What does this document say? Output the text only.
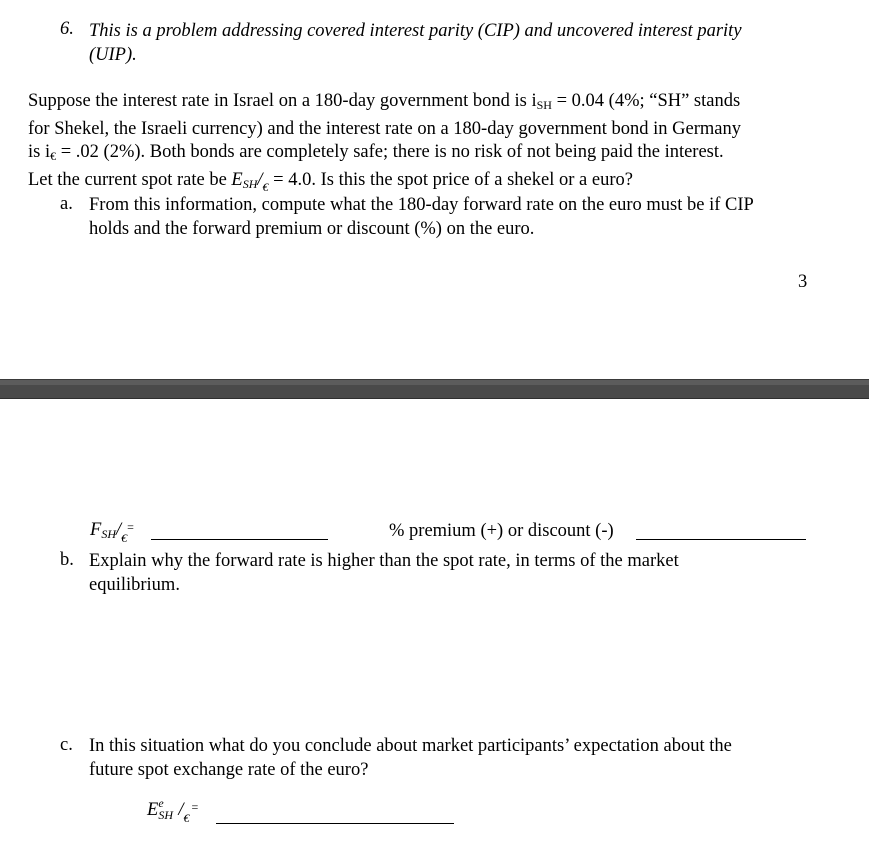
6. This is a problem addressing covered interest parity (CIP) and uncovered interest parity
(UIP).
Suppose the interest rate in Israel on a 180-day government bond is $i_{SH} = 0.04$ (4%; “SH” stands
for Shekel, the Israeli currency) and the interest rate on a 180-day government bond in Germany
is $i_€ = .02$ (2%). Both bonds are completely safe; there is no risk of not being paid the interest.
Let the current spot rate be $E_{SH}/_€ = 4.0$. Is this the spot price of a shekel or a euro?
a. From this information, compute what the 180-day forward rate on the euro must be if CIP
holds and the forward premium or discount (%) on the euro.
3
$F_{SH}/_€^=$	% premium (+) or discount (-)
b. Explain why the forward rate is higher than the spot rate, in terms of the market
equilibrium.
c. In this situation what do you conclude about market participants’ expectation about the
future spot exchange rate of the euro?
E e
SH $/_€^=$
